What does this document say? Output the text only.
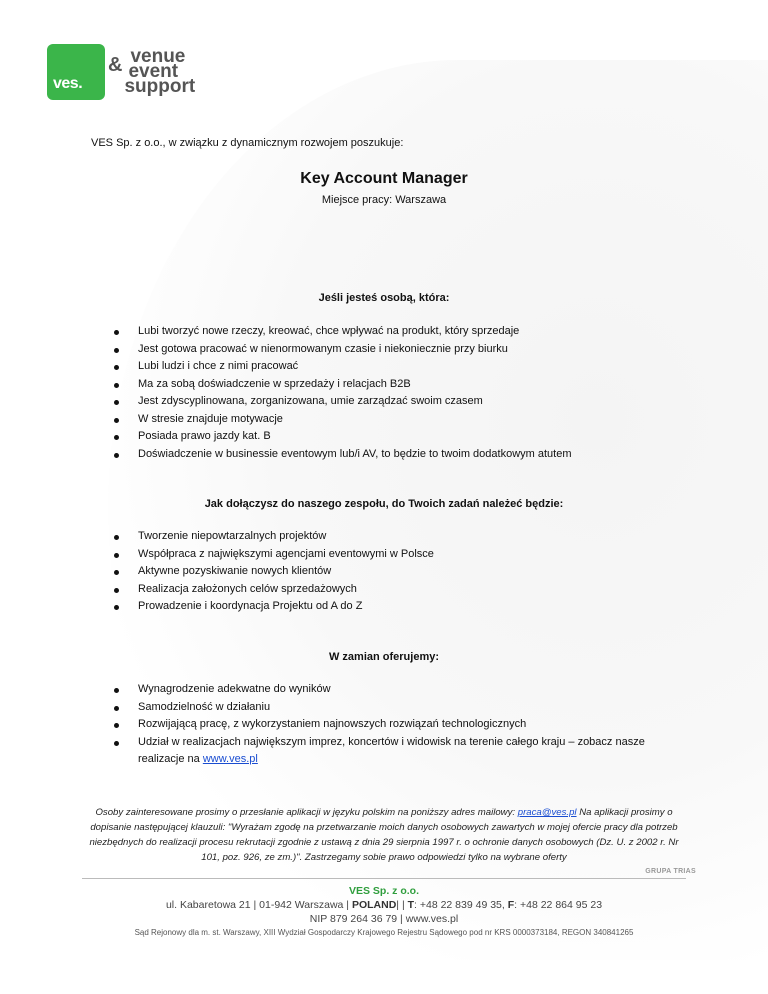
ves.
& venue
event
support
VES Sp. z o.o., w związku z dynamicznym rozwojem poszukuje:
Key Account Manager
Miejsce pracy: Warszawa
Jeśli jesteś osobą, która:
Lubi tworzyć nowe rzeczy, kreować, chce wpływać na produkt, który sprzedaje
Jest gotowa pracować w nienormowanym czasie i niekoniecznie przy biurku
Lubi ludzi i chce z nimi pracować
Ma za sobą doświadczenie w sprzedaży i relacjach B2B
Jest zdyscyplinowana, zorganizowana, umie zarządzać swoim czasem
W stresie znajduje motywacje
Posiada prawo jazdy kat. B
Doświadczenie w businessie eventowym lub/i AV, to będzie to twoim dodatkowym atutem
Jak dołączysz do naszego zespołu, do Twoich zadań należeć będzie:
Tworzenie niepowtarzalnych projektów
Współpraca z największymi agencjami eventowymi w Polsce
Aktywne pozyskiwanie nowych klientów
Realizacja założonych celów sprzedażowych
Prowadzenie i koordynacja Projektu od A do Z
W zamian oferujemy:
Wynagrodzenie adekwatne do wyników
Samodzielność w działaniu
Rozwijającą pracę, z wykorzystaniem najnowszych rozwiązań technologicznych
Udział w realizacjach największym imprez, koncertów i widowisk na terenie całego kraju – zobacz nasze realizacje na www.ves.pl
Osoby zainteresowane prosimy o przesłanie aplikacji w języku polskim na poniższy adres mailowy: praca@ves.pl Na aplikacji prosimy o dopisanie następującej klauzuli: "Wyrażam zgodę na przetwarzanie moich danych osobowych zawartych w mojej ofercie pracy dla potrzeb niezbędnych do realizacji procesu rekrutacji zgodnie z ustawą z dnia 29 sierpnia 1997 r. o ochronie danych osobowych (Dz. U. z 2002 r. Nr 101, poz. 926, ze zm.)". Zastrzegamy sobie prawo odpowiedzi tylko na wybrane oferty
GRUPA TRIAS
VES Sp. z o.o.
ul. Kabaretowa 21 | 01-942 Warszawa | POLAND| | T: +48 22 839 49 35, F: +48 22 864 95 23
NIP 879 264 36 79 | www.ves.pl
Sąd Rejonowy dla m. st. Warszawy, XIII Wydział Gospodarczy Krajowego Rejestru Sądowego pod nr KRS 0000373184, REGON 340841265
